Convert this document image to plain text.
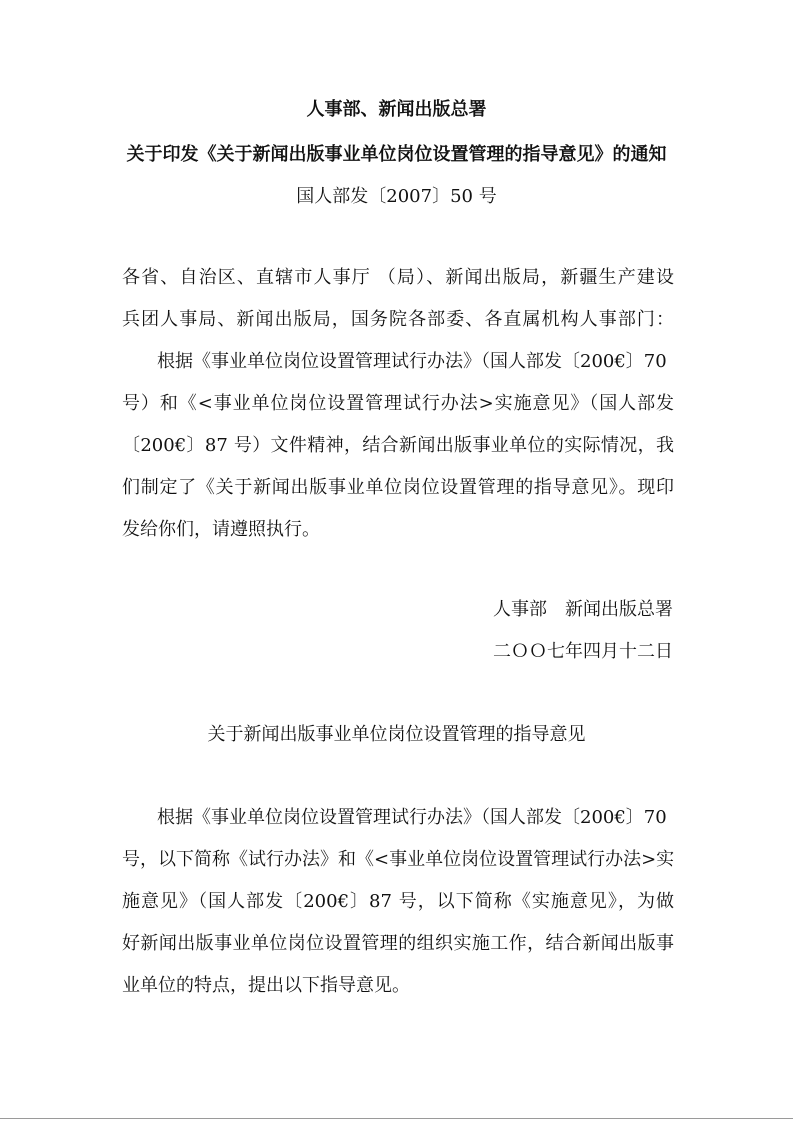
人事部、新闻出版总署
关于印发《关于新闻出版事业单位岗位设置管理的指导意见》的通知
国人部发〔2007〕50 号
各省、自治区、直辖市人事厅 （局）、新闻出版局，新疆生产建设
兵团人事局、新闻出版局，国务院各部委、各直属机构人事部门：
根据《事业单位岗位设置管理试行办法》（国人部发〔200€〕70
号）和《<事业单位岗位设置管理试行办法>实施意见》（国人部发
〔200€〕87 号）文件精神，结合新闻出版事业单位的实际情况，我
们制定了《关于新闻出版事业单位岗位设置管理的指导意见》。现印
发给你们，请遵照执行。
人事部　新闻出版总署
二ＯＯ七年四月十二日
关于新闻出版事业单位岗位设置管理的指导意见
根据《事业单位岗位设置管理试行办法》（国人部发〔200€〕70
号，以下简称《试行办法》和《<事业单位岗位设置管理试行办法>实
施意见》（国人部发〔200€〕87 号，以下简称《实施意见》，为做
好新闻出版事业单位岗位设置管理的组织实施工作，结合新闻出版事
业单位的特点，提出以下指导意见。
